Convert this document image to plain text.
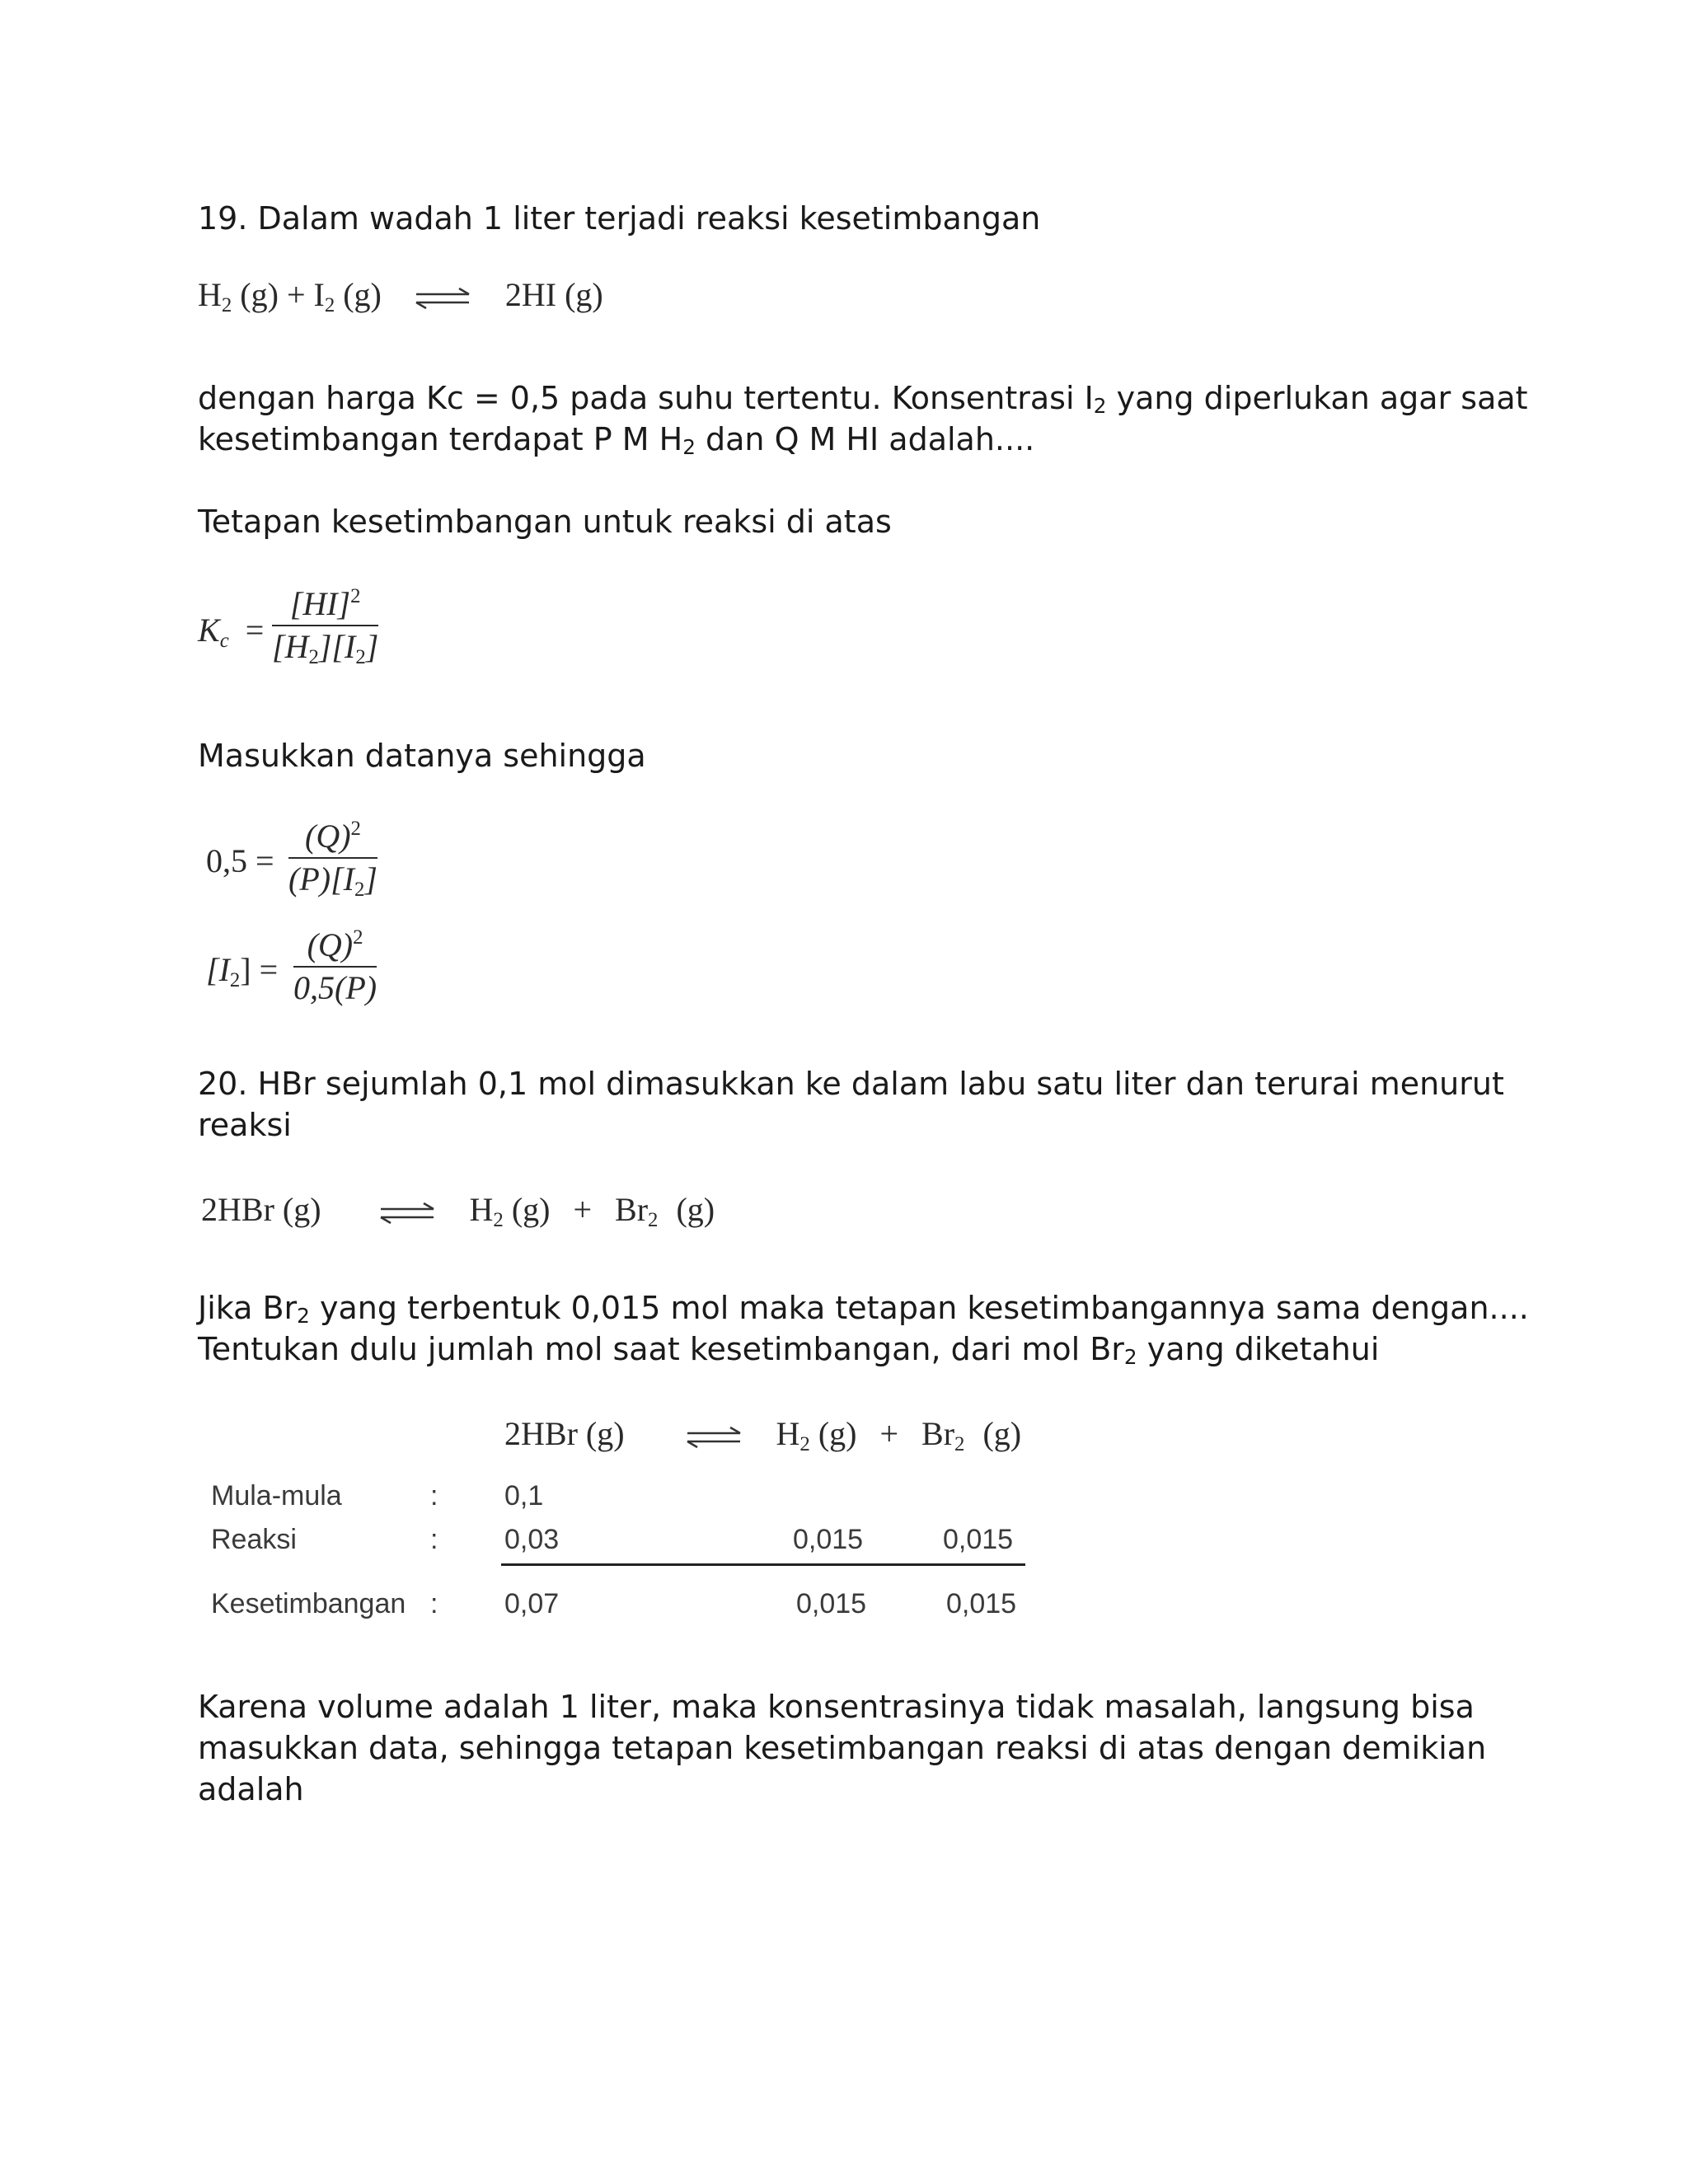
19. Dalam wadah 1 liter terjadi reaksi kesetimbangan

$H_2$ $(g) + I_2$ (g) ⇌ 2HI (g)

dengan harga Kc = 0,5 pada suhu tertentu. Konsentrasi I2 yang diperlukan agar saat

kesetimbangan terdapat P M H2 dan Q M HI adalah....

Tetapan kesetimbangan untuk reaksi di atas

$K_c$ =
[HI]$^2$
$[H_2][I_2]$

Masukkan datanya sehingga

0,5 =
$(Q)^2$
$(P)[I_2]$
$[I_2]$ =
$(Q)^2$
0,5(P)

20. HBr sejumlah 0,1 mol dimasukkan ke dalam labu satu liter dan terurai menurut

reaksi

2HBr (g) ⇌ $H_2$ $(g) + Br_2$ (g)

Jika Br2 yang terbentuk 0,015 mol maka tetapan kesetimbangannya sama dengan....

Tentukan dulu jumlah mol saat kesetimbangan, dari mol Br2 yang diketahui

2HBr (g) ⇌ $H_2$ $(g) + Br_2$ (g)
Mula-mula	: 0,1
Reaksi	: 0,03	0,015	0,015
Kesetimbangan : 0,07	0,015	0,015

Karena volume adalah 1 liter, maka konsentrasinya tidak masalah, langsung bisa

masukkan data, sehingga tetapan kesetimbangan reaksi di atas dengan demikian

adalah
